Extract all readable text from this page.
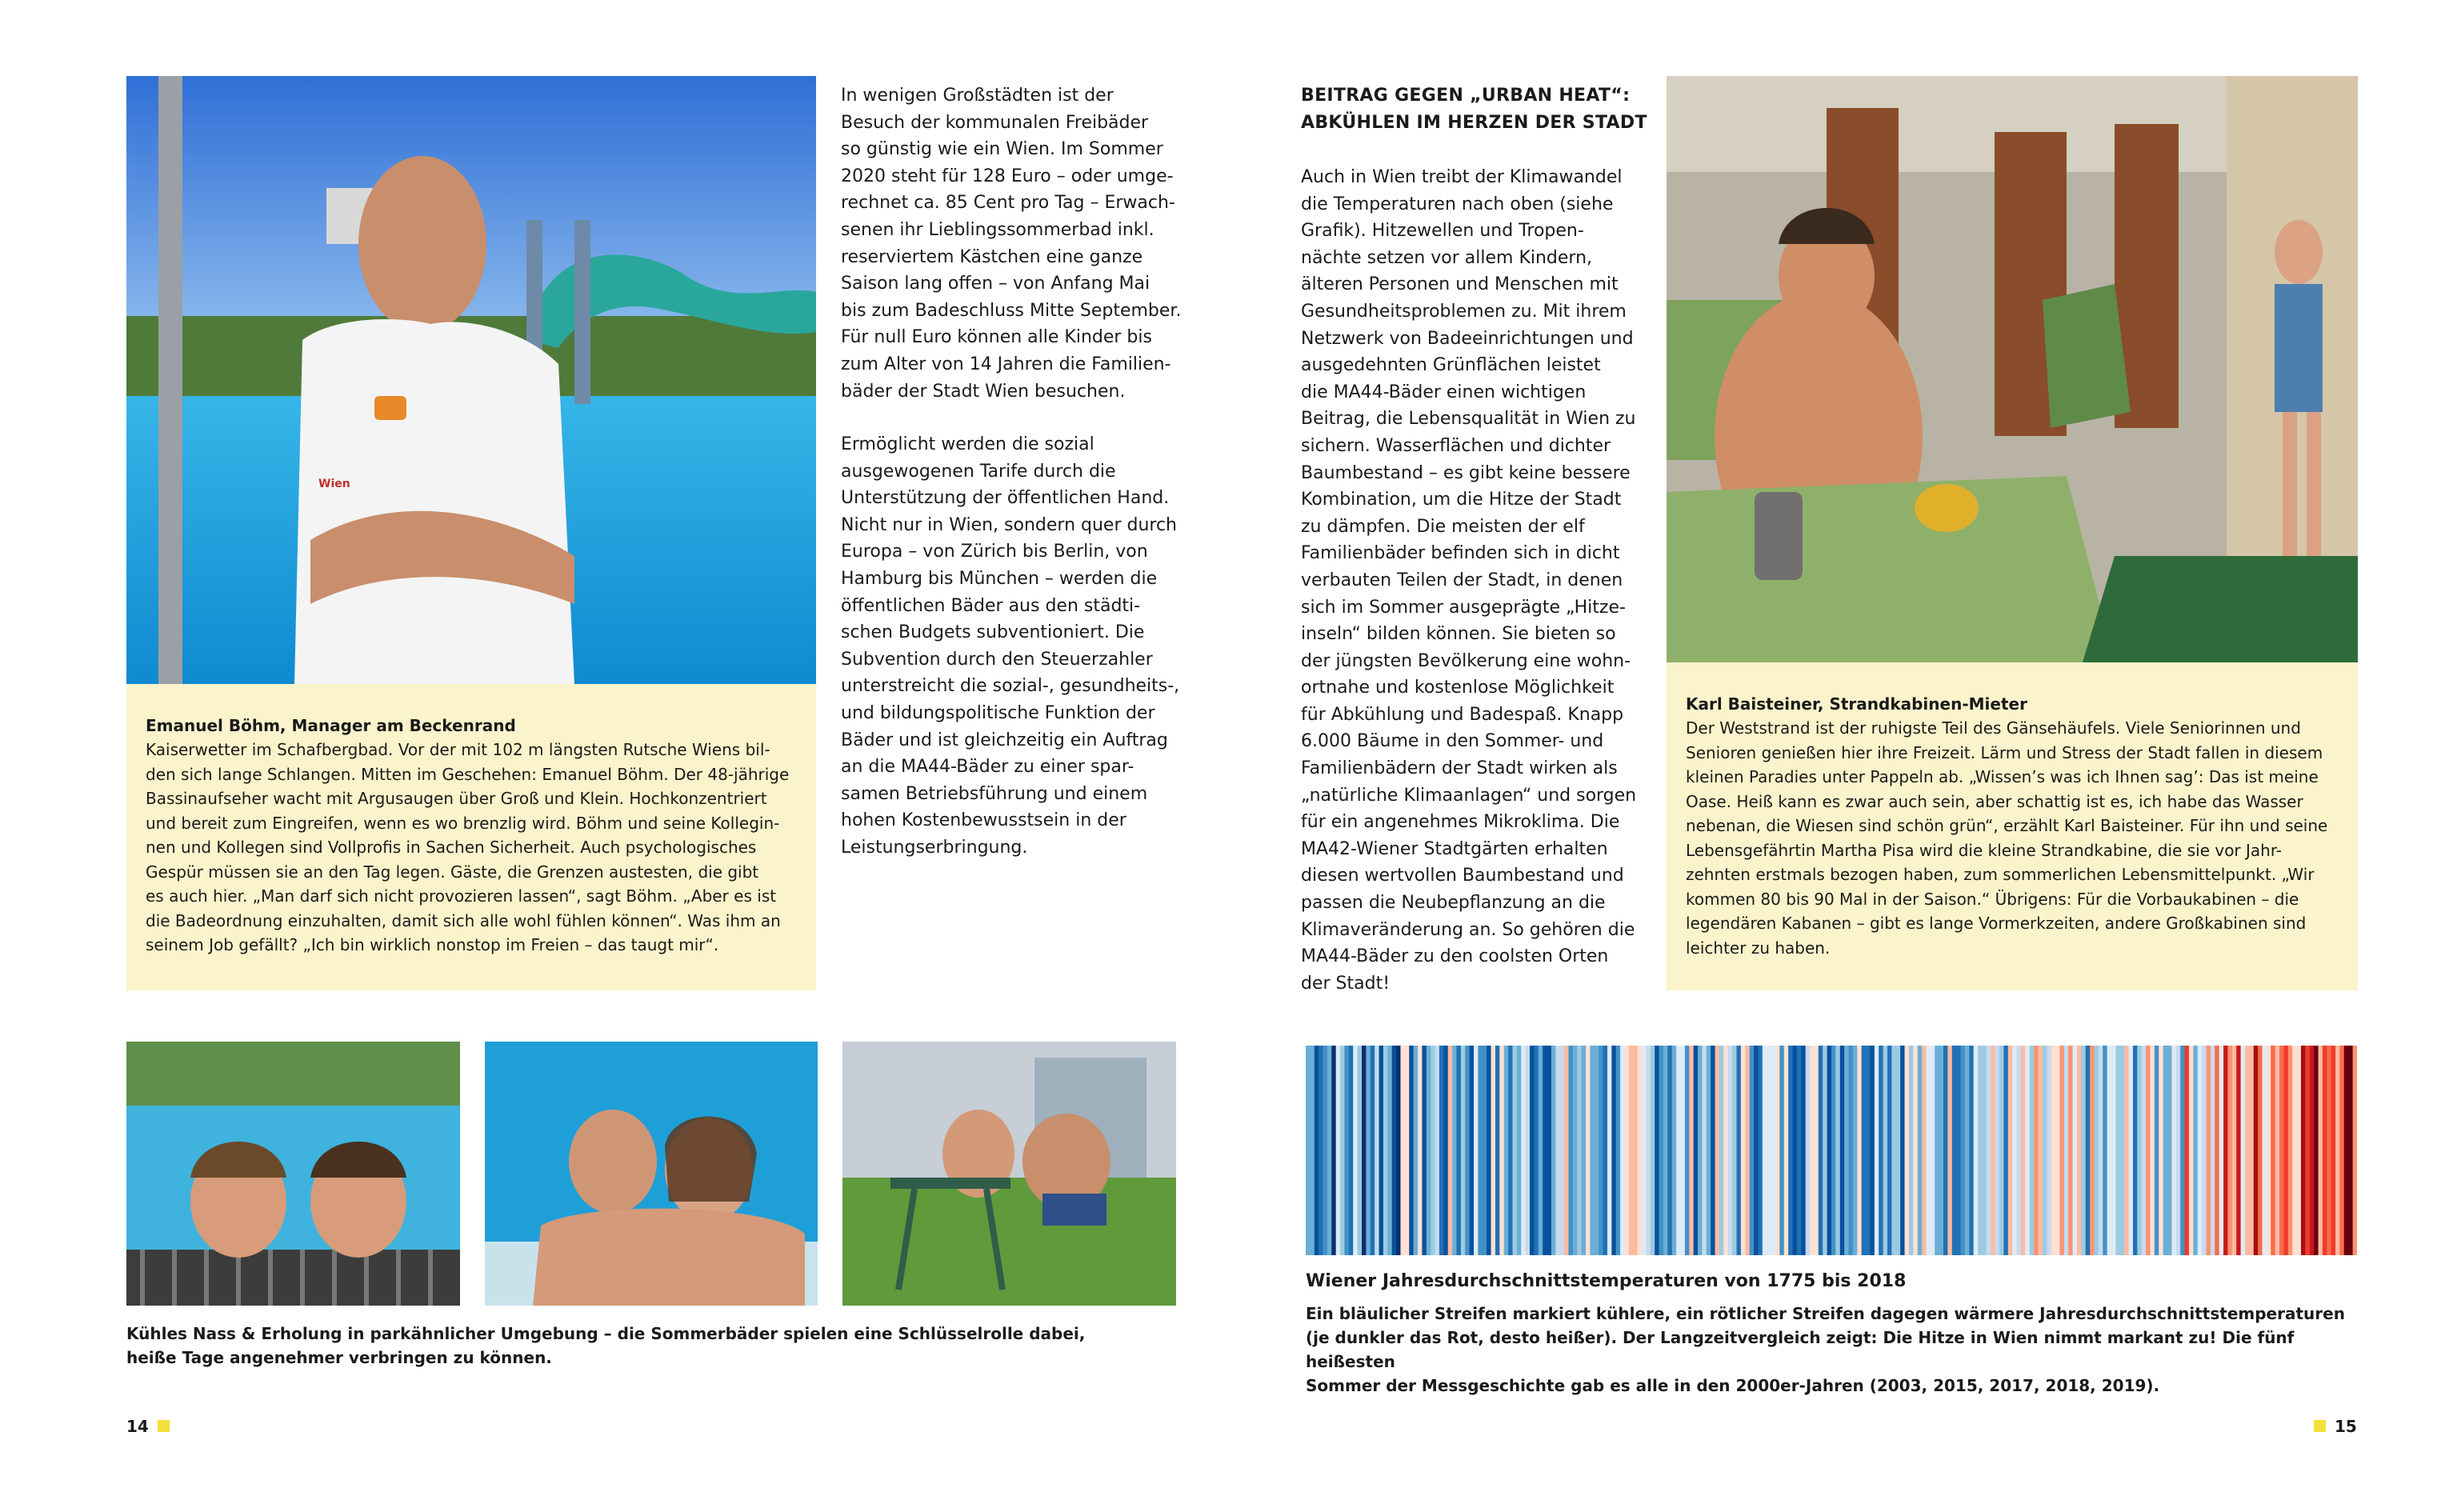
Wien
Emanuel Böhm, Manager am Beckenrand
Kaiserwetter im Schafbergbad. Vor der mit 102 m längsten Rutsche Wiens bil-
den sich lange Schlangen. Mitten im Geschehen: Emanuel Böhm. Der 48-jährige
Bassinaufseher wacht mit Argusaugen über Groß und Klein. Hochkonzentriert
und bereit zum Eingreifen, wenn es wo brenzlig wird. Böhm und seine Kollegin-
nen und Kollegen sind Vollprofis in Sachen Sicherheit. Auch psychologisches
Gespür müssen sie an den Tag legen. Gäste, die Grenzen austesten, die gibt
es auch hier. „Man darf sich nicht provozieren lassen“, sagt Böhm. „Aber es ist
die Badeordnung einzuhalten, damit sich alle wohl fühlen können“. Was ihm an
seinem Job gefällt? „Ich bin wirklich nonstop im Freien – das taugt mir“.
In wenigen Großstädten ist der
Besuch der kommunalen Freibäder
so günstig wie ein Wien. Im Sommer
2020 steht für 128 Euro – oder umge-
rechnet ca. 85 Cent pro Tag – Erwach-
senen ihr Lieblingssommerbad inkl.
reserviertem Kästchen eine ganze
Saison lang offen – von Anfang Mai
bis zum Badeschluss Mitte September.
Für null Euro können alle Kinder bis
zum Alter von 14 Jahren die Familien-
bäder der Stadt Wien besuchen.
Ermöglicht werden die sozial
ausgewogenen Tarife durch die
Unterstützung der öffentlichen Hand.
Nicht nur in Wien, sondern quer durch
Europa – von Zürich bis Berlin, von
Hamburg bis München – werden die
öffentlichen Bäder aus den städti-
schen Budgets subventioniert. Die
Subvention durch den Steuerzahler
unterstreicht die sozial-, gesundheits-,
und bildungspolitische Funktion der
Bäder und ist gleichzeitig ein Auftrag
an die MA44-Bäder zu einer spar-
samen Betriebsführung und einem
hohen Kostenbewusstsein in der
Leistungserbringung.
Kühles Nass & Erholung in parkähnlicher Umgebung – die Sommerbäder spielen eine Schlüsselrolle dabei,
heiße Tage angenehmer verbringen zu können.
14
BEITRAG GEGEN „URBAN HEAT“:
ABKÜHLEN IM HERZEN DER STADT
Auch in Wien treibt der Klimawandel
die Temperaturen nach oben (siehe
Grafik). Hitzewellen und Tropen-
nächte setzen vor allem Kindern,
älteren Personen und Menschen mit
Gesundheitsproblemen zu. Mit ihrem
Netzwerk von Badeeinrichtungen und
ausgedehnten Grünflächen leistet
die MA44-Bäder einen wichtigen
Beitrag, die Lebensqualität in Wien zu
sichern. Wasserflächen und dichter
Baumbestand – es gibt keine bessere
Kombination, um die Hitze der Stadt
zu dämpfen. Die meisten der elf
Familienbäder befinden sich in dicht
verbauten Teilen der Stadt, in denen
sich im Sommer ausgeprägte „Hitze-
inseln“ bilden können. Sie bieten so
der jüngsten Bevölkerung eine wohn-
ortnahe und kostenlose Möglichkeit
für Abkühlung und Badespaß. Knapp
6.000 Bäume in den Sommer- und
Familienbädern der Stadt wirken als
„natürliche Klimaanlagen“ und sorgen
für ein angenehmes Mikroklima. Die
MA42-Wiener Stadtgärten erhalten
diesen wertvollen Baumbestand und
passen die Neubepflanzung an die
Klimaveränderung an. So gehören die
MA44-Bäder zu den coolsten Orten
der Stadt!
Karl Baisteiner, Strandkabinen-Mieter
Der Weststrand ist der ruhigste Teil des Gänsehäufels. Viele Seniorinnen und
Senioren genießen hier ihre Freizeit. Lärm und Stress der Stadt fallen in diesem
kleinen Paradies unter Pappeln ab. „Wissen’s was ich Ihnen sag’: Das ist meine
Oase. Heiß kann es zwar auch sein, aber schattig ist es, ich habe das Wasser
nebenan, die Wiesen sind schön grün“, erzählt Karl Baisteiner. Für ihn und seine
Lebensgefährtin Martha Pisa wird die kleine Strandkabine, die sie vor Jahr-
zehnten erstmals bezogen haben, zum sommerlichen Lebensmittelpunkt. „Wir
kommen 80 bis 90 Mal in der Saison.“ Übrigens: Für die Vorbaukabinen – die
legendären Kabanen – gibt es lange Vormerkzeiten, andere Großkabinen sind
leichter zu haben.
Wiener Jahresdurchschnittstemperaturen von 1775 bis 2018
Ein bläulicher Streifen markiert kühlere, ein rötlicher Streifen dagegen wärmere Jahresdurchschnittstemperaturen
(je dunkler das Rot, desto heißer). Der Langzeitvergleich zeigt: Die Hitze in Wien nimmt markant zu! Die fünf heißesten
Sommer der Messgeschichte gab es alle in den 2000er-Jahren (2003, 2015, 2017, 2018, 2019).
15
